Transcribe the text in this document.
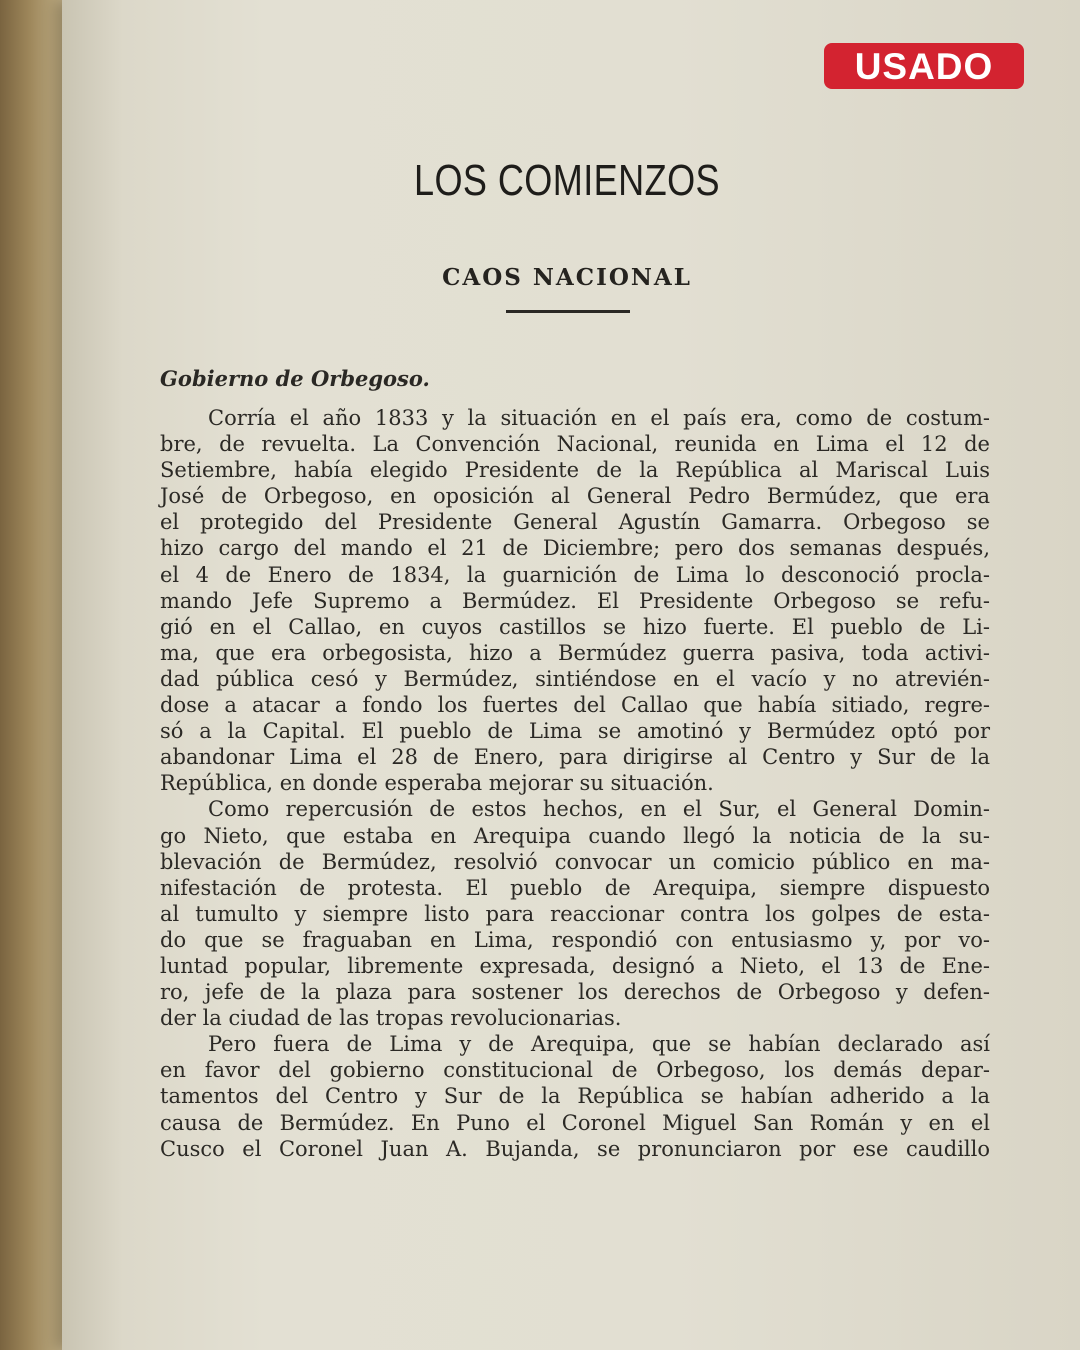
USADO
LOS COMIENZOS
CAOS NACIONAL
Gobierno de Orbegoso.

Corría el año 1833 y la situación en el país era, como de costum-
bre, de revuelta. La Convención Nacional, reunida en Lima el 12 de
Setiembre, había elegido Presidente de la República al Mariscal Luis
José de Orbegoso, en oposición al General Pedro Bermúdez, que era
el protegido del Presidente General Agustín Gamarra. Orbegoso se
hizo cargo del mando el 21 de Diciembre; pero dos semanas después,
el 4 de Enero de 1834, la guarnición de Lima lo desconoció procla-
mando Jefe Supremo a Bermúdez. El Presidente Orbegoso se refu-
gió en el Callao, en cuyos castillos se hizo fuerte. El pueblo de Li-
ma, que era orbegosista, hizo a Bermúdez guerra pasiva, toda activi-
dad pública cesó y Bermúdez, sintiéndose en el vacío y no atrevién-
dose a atacar a fondo los fuertes del Callao que había sitiado, regre-
só a la Capital. El pueblo de Lima se amotinó y Bermúdez optó por
abandonar Lima el 28 de Enero, para dirigirse al Centro y Sur de la
República, en donde esperaba mejorar su situación.

Como repercusión de estos hechos, en el Sur, el General Domin-
go Nieto, que estaba en Arequipa cuando llegó la noticia de la su-
blevación de Bermúdez, resolvió convocar un comicio público en ma-
nifestación de protesta. El pueblo de Arequipa, siempre dispuesto
al tumulto y siempre listo para reaccionar contra los golpes de esta-
do que se fraguaban en Lima, respondió con entusiasmo y, por vo-
luntad popular, libremente expresada, designó a Nieto, el 13 de Ene-
ro, jefe de la plaza para sostener los derechos de Orbegoso y defen-
der la ciudad de las tropas revolucionarias.

Pero fuera de Lima y de Arequipa, que se habían declarado así
en favor del gobierno constitucional de Orbegoso, los demás depar-
tamentos del Centro y Sur de la República se habían adherido a la
causa de Bermúdez. En Puno el Coronel Miguel San Román y en el
Cusco el Coronel Juan A. Bujanda, se pronunciaron por ese caudillo
